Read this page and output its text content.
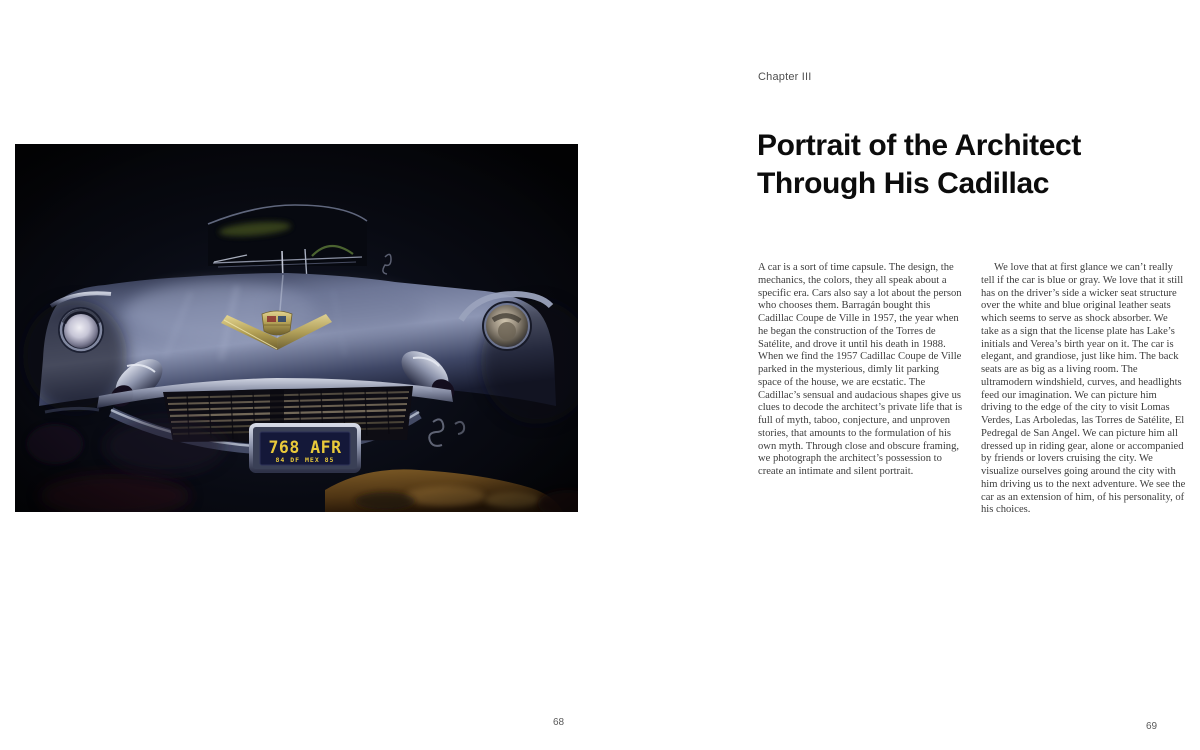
Chapter III
Portrait of the Architect
Through His Cadillac

A car is a sort of time capsule. The design, the mechanics, the colors, they all speak about a specific era. Cars also say a lot about the person who chooses them. Barragán bought this Cadillac Coupe de Ville in 1957, the year when he began the construction of the Torres de Satélite, and drove it until his death in 1988. When we find the 1957 Cadillac Coupe de Ville parked in the mysterious, dimly lit parking space of the house, we are ecstatic. The Cadillac’s sensual and audacious shapes give us clues to decode the architect’s private life that is full of myth, taboo, conjecture, and unproven stories, that amounts to the formulation of his own myth. Through close and obscure framing, we photograph the architect’s possession to create an intimate and silent portrait.

We love that at first glance we can’t really tell if the car is blue or gray. We love that it still has on the driver’s side a wicker seat structure over the white and blue original leather seats which seems to serve as shock absorber. We take as a sign that the license plate has Lake’s initials and Verea’s birth year on it. The car is elegant, and grandiose, just like him. The back seats are as big as a living room. The ultramodern windshield, curves, and headlights feed our imagination. We can picture him driving to the edge of the city to visit Lomas Verdes, Las Arboledas, las Torres de Satélite, El Pedregal de San Angel. We can picture him all dressed up in riding gear, alone or accompanied by friends or lovers cruising the city. We visualize ourselves going around the city with him driving us to the next adventure. We see the car as an extension of him, of his personality, of his choices.

68	69
